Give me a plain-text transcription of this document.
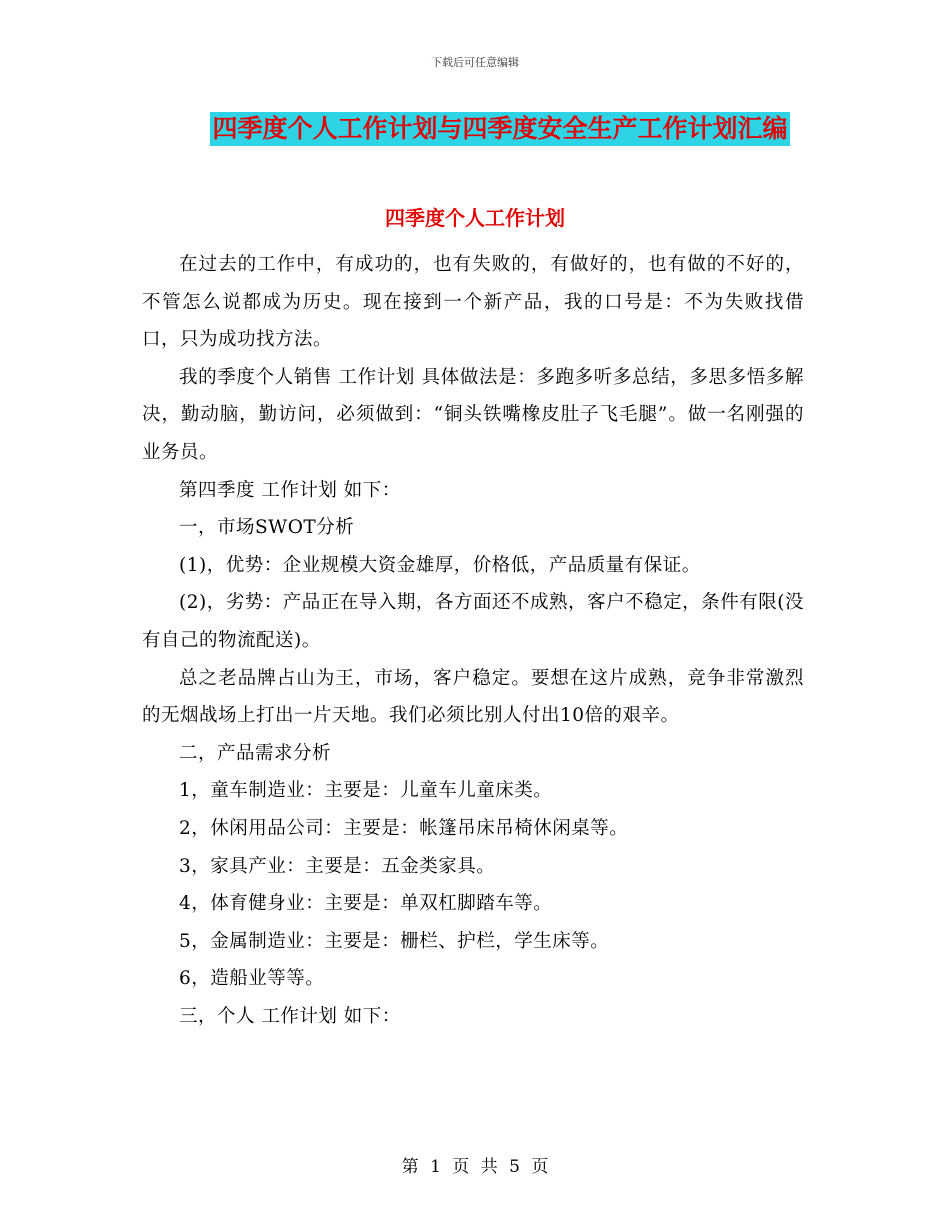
下载后可任意编辑
四季度个人工作计划与四季度安全生产工作计划汇编
四季度个人工作计划

在过去的工作中，有成功的，也有失败的，有做好的，也有做的不好的，不管怎么说都成为历史。现在接到一个新产品，我的口号是：不为失败找借口，只为成功找方法。

我的季度个人销售 工作计划 具体做法是：多跑多听多总结，多思多悟多解决，勤动脑，勤访问，必须做到：“铜头铁嘴橡皮肚子飞毛腿”。做一名刚强的业务员。

第四季度 工作计划 如下：

一，市场SWOT分析

(1)，优势：企业规模大资金雄厚，价格低，产品质量有保证。

(2)，劣势：产品正在导入期，各方面还不成熟，客户不稳定，条件有限(没有自己的物流配送)。

总之老品牌占山为王，市场，客户稳定。要想在这片成熟，竞争非常激烈的无烟战场上打出一片天地。我们必须比别人付出10倍的艰辛。

二，产品需求分析

1，童车制造业：主要是：儿童车儿童床类。

2，休闲用品公司：主要是：帐篷吊床吊椅休闲桌等。

3，家具产业：主要是：五金类家具。

4，体育健身业：主要是：单双杠脚踏车等。

5，金属制造业：主要是：栅栏、护栏，学生床等。

6，造船业等等。

三，个人 工作计划 如下：

第 1 页 共 5 页
